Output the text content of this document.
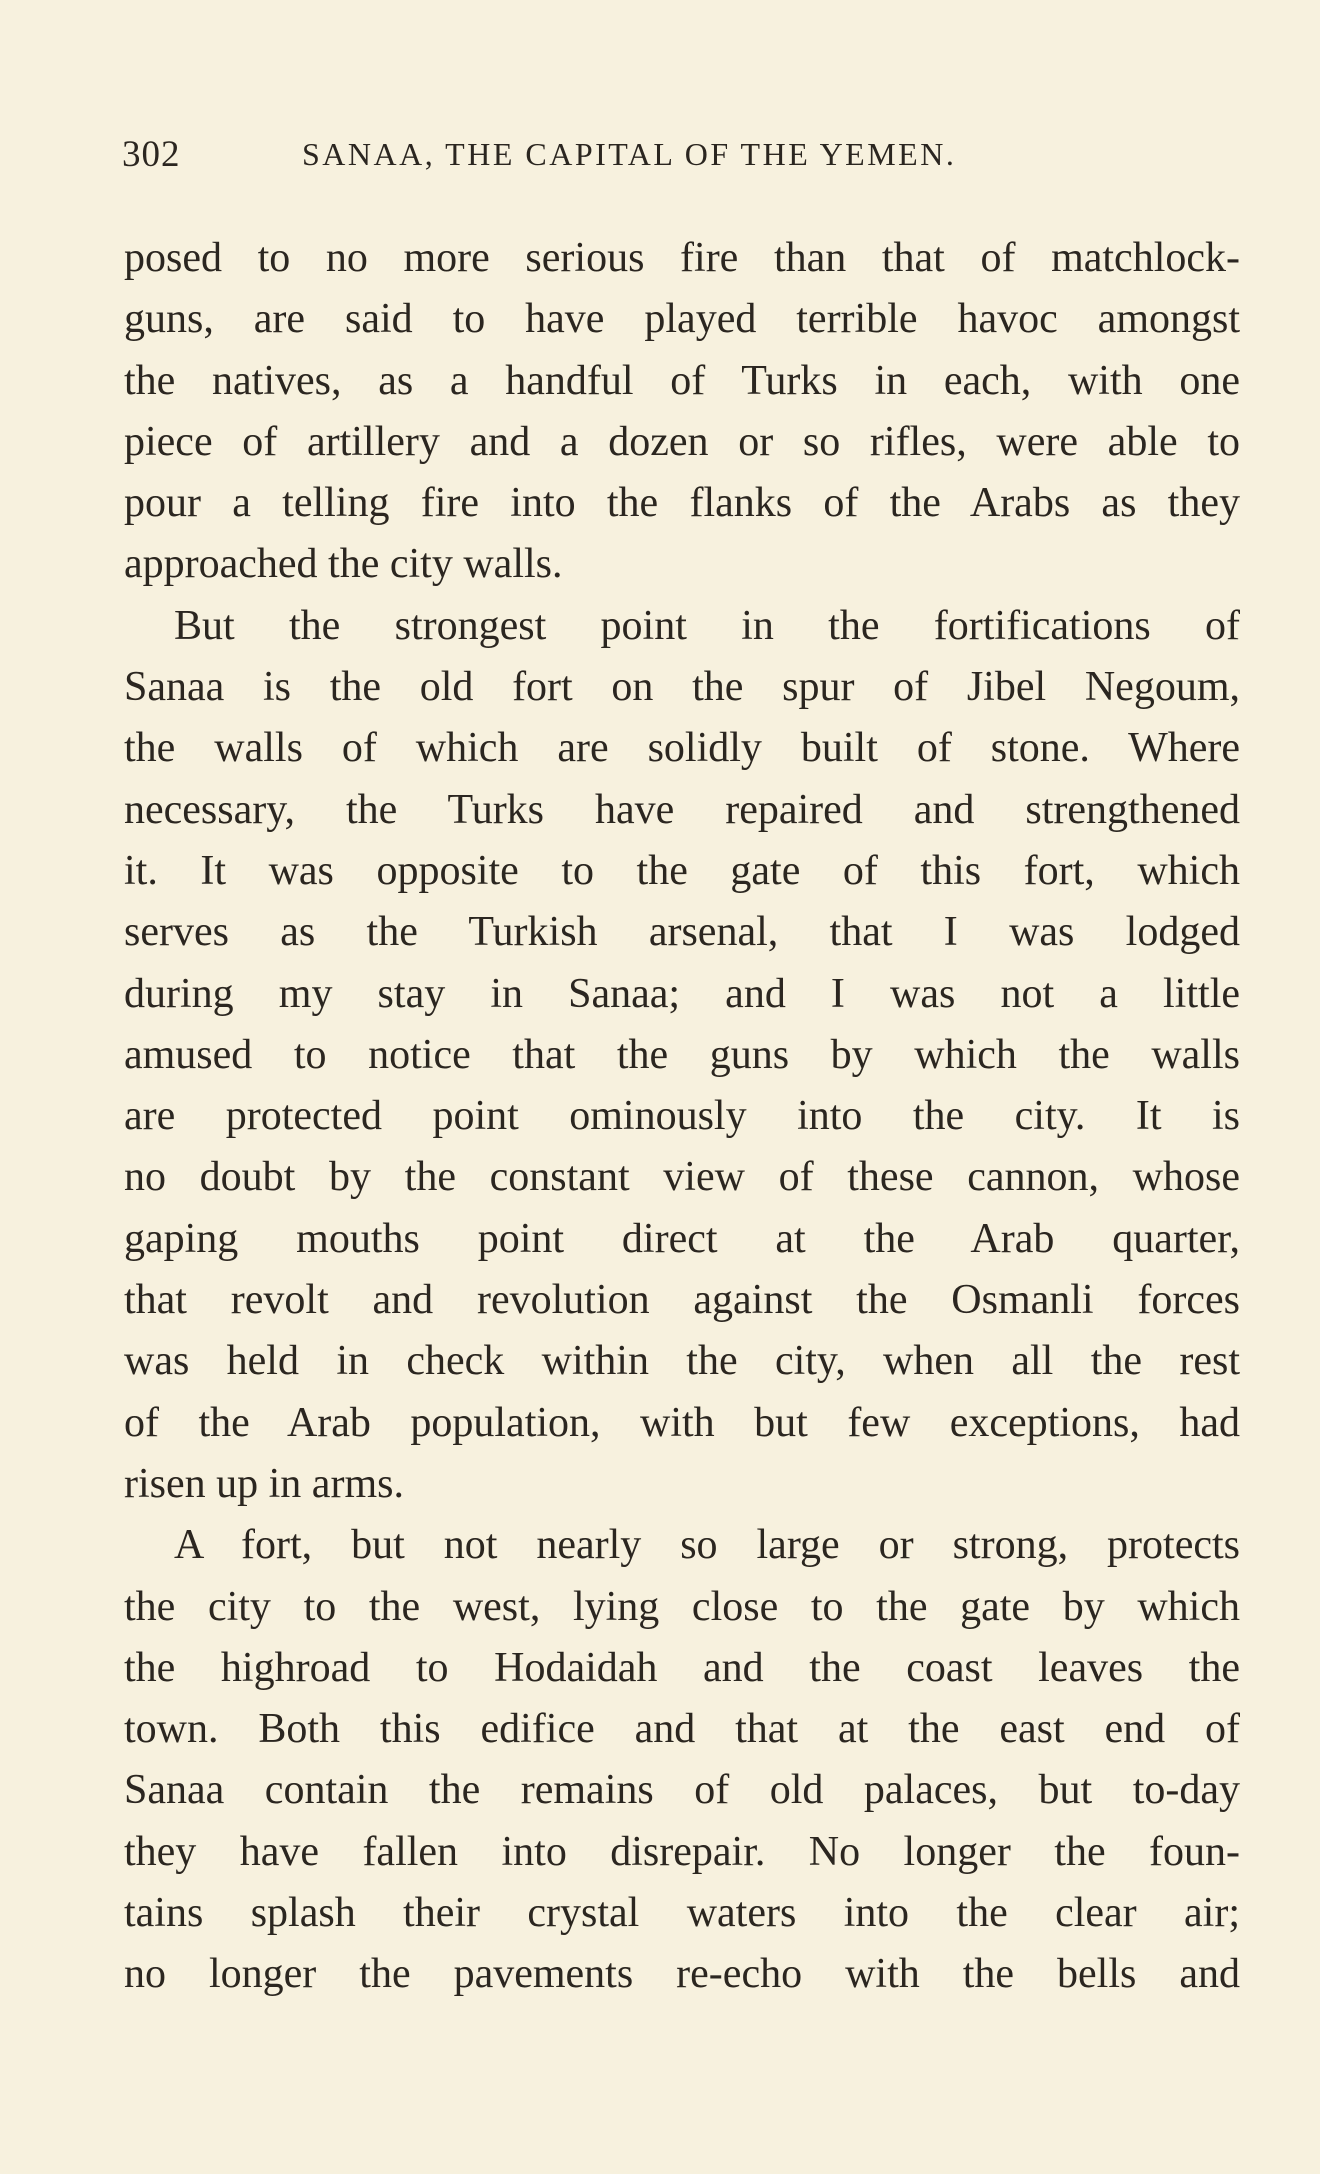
302	SANAA, THE CAPITAL OF THE YEMEN.
posed to no more serious fire than that of matchlock-
guns, are said to have played terrible havoc amongst
the natives, as a handful of Turks in each, with one
piece of artillery and a dozen or so rifles, were able to
pour a telling fire into the flanks of the Arabs as they
approached the city walls.
But the strongest point in the fortifications of
Sanaa is the old fort on the spur of Jibel Negoum,
the walls of which are solidly built of stone. Where
necessary, the Turks have repaired and strengthened
it. It was opposite to the gate of this fort, which
serves as the Turkish arsenal, that I was lodged
during my stay in Sanaa; and I was not a little
amused to notice that the guns by which the walls
are protected point ominously into the city. It is
no doubt by the constant view of these cannon, whose
gaping mouths point direct at the Arab quarter,
that revolt and revolution against the Osmanli forces
was held in check within the city, when all the rest
of the Arab population, with but few exceptions, had
risen up in arms.
A fort, but not nearly so large or strong, protects
the city to the west, lying close to the gate by which
the highroad to Hodaidah and the coast leaves the
town. Both this edifice and that at the east end of
Sanaa contain the remains of old palaces, but to-day
they have fallen into disrepair. No longer the foun-
tains splash their crystal waters into the clear air;
no longer the pavements re-echo with the bells and
